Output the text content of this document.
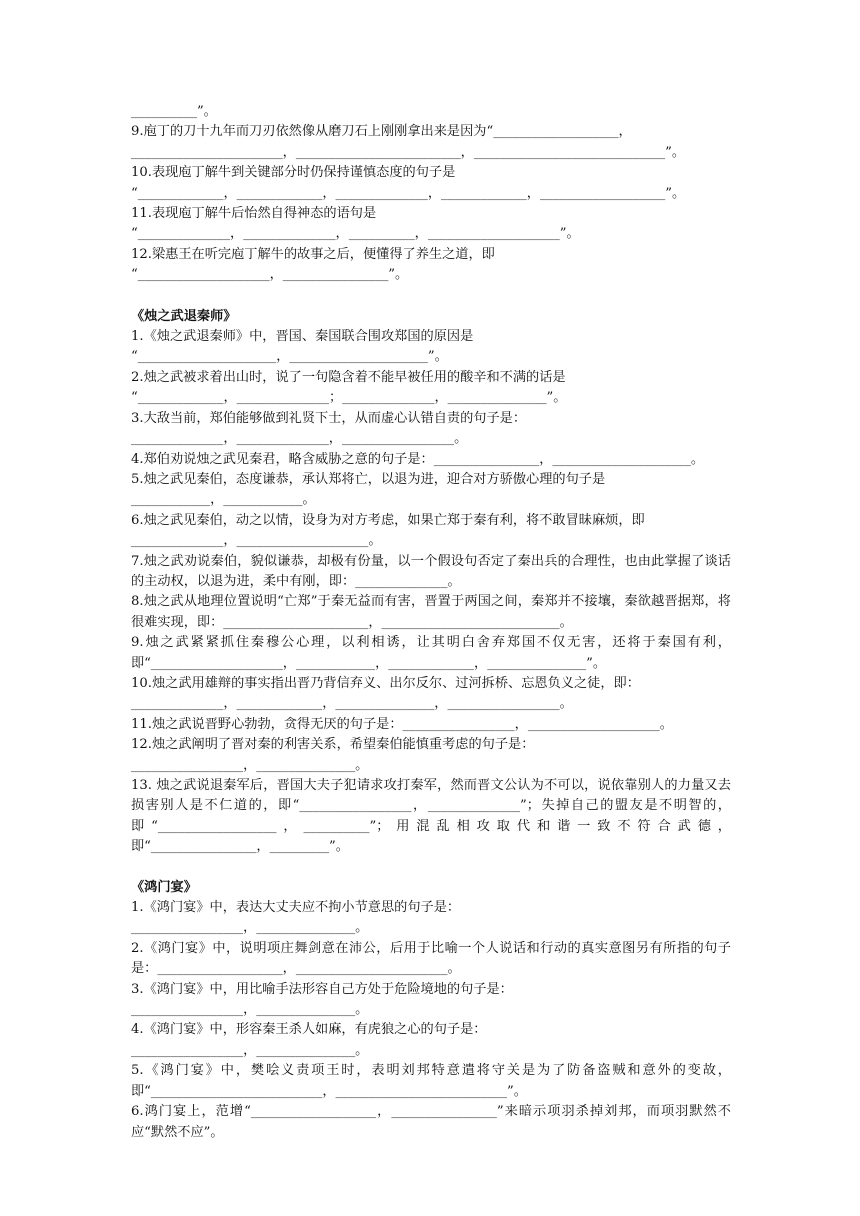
__________”。

9.庖丁的刀十九年而刀刃依然像从磨刀石上刚刚拿出来是因为“___________________，

_______________________，_________________________，_____________________________”。

10.表现庖丁解牛到关键部分时仍保持谨慎态度的句子是

“_____________，_____________，______________，_____________，___________________”。

11.表现庖丁解牛后怡然自得神态的语句是

“______________，______________，__________，____________________”。

12.梁惠王在听完庖丁解牛的故事之后，便懂得了养生之道，即

“____________________，________________”。

《烛之武退秦师》

1.《烛之武退秦师》中，晋国、秦国联合围攻郑国的原因是

“_____________________，_____________________”。

2.烛之武被求着出山时，说了一句隐含着不能早被任用的酸辛和不满的话是

“_____________，______________；______________，_______________”。

3.大敌当前，郑伯能够做到礼贤下士，从而虚心认错自责的句子是：

______________，______________，_________________。

4.郑伯劝说烛之武见秦君，略含威胁之意的句子是：________________，_____________________。

5.烛之武见秦伯，态度谦恭，承认郑将亡，以退为进，迎合对方骄傲心理的句子是

____________，____________。

6.烛之武见秦伯，动之以情，设身为对方考虑，如果亡郑于秦有利，将不敢冒昧麻烦，即

______________，____________________。

7.烛之武劝说秦伯，貌似谦恭，却极有份量，以一个假设句否定了秦出兵的合理性，也由此掌握了谈话的主动权，以退为进，柔中有刚，即：______________。

8.烛之武从地理位置说明“亡郑”于秦无益而有害，晋置于两国之间，秦郑并不接壤，秦欲越晋据郑，将很难实现，即：______________________，___________________________。

9.烛之武紧紧抓住秦穆公心理，以利相诱，让其明白舍弃郑国不仅无害，还将于秦国有利，即“____________________，____________，_____________，_______________”。

10.烛之武用雄辩的事实指出晋乃背信弃义、出尔反尔、过河拆桥、忘恩负义之徒，即：

______________，_____________，_______________，_________________。

11.烛之武说晋野心勃勃，贪得无厌的句子是：_________________，____________________。

12.烛之武阐明了晋对秦的利害关系，希望秦伯能慎重考虑的句子是：

_________________，_______________。

13. 烛之武说退秦军后，晋国大夫子犯请求攻打秦军，然而晋文公认为不可以，说依靠别人的力量又去损害别人是不仁道的，即“_________________，______________”；失掉自己的盟友是不明智的，即“__________________，__________”；用混乱相攻取代和谐一致不符合武德，即“________________，_________”。

《鸿门宴》

1.《鸿门宴》中，表达大丈夫应不拘小节意思的句子是：

_________________，_______________。

2.《鸿门宴》中，说明项庄舞剑意在沛公，后用于比喻一个人说话和行动的真实意图另有所指的句子是：___________________，_______________________。

3.《鸿门宴》中，用比喻手法形容自己方处于危险境地的句子是：

_________________，_______________。

4.《鸿门宴》中，形容秦王杀人如麻，有虎狼之心的句子是：

_________________，_______________。

5.《鸿门宴》中，樊哙义责项王时，表明刘邦特意遣将守关是为了防备盗贼和意外的变故，即“__________________________，__________________________”。

6.鸿门宴上，范增“___________________，________________”来暗示项羽杀掉刘邦，而项羽默然不应“默然不应”。
